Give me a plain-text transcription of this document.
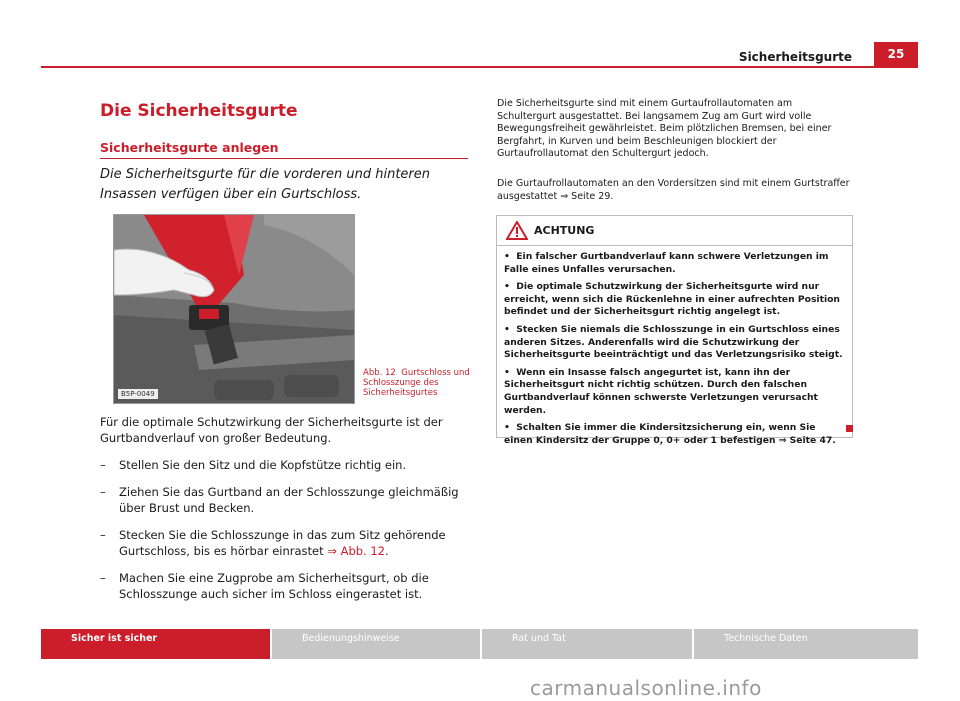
Sicherheitsgurte	25
Die Sicherheitsgurte
Sicherheitsgurte anlegen
Die Sicherheitsgurte für die vorderen und hinteren Insassen verfügen über ein Gurtschloss.
B5P-0049
Abb. 12 Gurtschloss und Schlosszunge des Sicherheitsgurtes
Für die optimale Schutzwirkung der Sicherheitsgurte ist der Gurtbandverlauf von großer Bedeutung.
– Stellen Sie den Sitz und die Kopfstütze richtig ein.
– Ziehen Sie das Gurtband an der Schlosszunge gleichmäßig über Brust und Becken.
– Stecken Sie die Schlosszunge in das zum Sitz gehörende Gurtschloss, bis es hörbar einrastet ⇒ Abb. 12.
– Machen Sie eine Zugprobe am Sicherheitsgurt, ob die Schlosszunge auch sicher im Schloss eingerastet ist.
Die Sicherheitsgurte sind mit einem Gurtaufrollautomaten am Schultergurt ausgestattet. Bei langsamem Zug am Gurt wird volle Bewegungsfreiheit gewährleistet. Beim plötzlichen Bremsen, bei einer Bergfahrt, in Kurven und beim Beschleunigen blockiert der Gurtaufrollautomat den Schultergurt jedoch.
Die Gurtaufrollautomaten an den Vordersitzen sind mit einem Gurtstraffer ausgestattet ⇒ Seite 29.
ACHTUNG
• Ein falscher Gurtbandverlauf kann schwere Verletzungen im Falle eines Unfalles verursachen.
• Die optimale Schutzwirkung der Sicherheitsgurte wird nur erreicht, wenn sich die Rückenlehne in einer aufrechten Position befindet und der Sicherheitsgurt richtig angelegt ist.
• Stecken Sie niemals die Schlosszunge in ein Gurtschloss eines anderen Sitzes. Anderenfalls wird die Schutzwirkung der Sicherheitsgurte beeinträchtigt und das Verletzungsrisiko steigt.
• Wenn ein Insasse falsch angegurtet ist, kann ihn der Sicherheitsgurt nicht richtig schützen. Durch den falschen Gurtbandverlauf können schwerste Verletzungen verursacht werden.
• Schalten Sie immer die Kindersitzsicherung ein, wenn Sie einen Kindersitz der Gruppe 0, 0+ oder 1 befestigen ⇒ Seite 47.
Sicher ist sicher	Bedienungshinweise	Rat und Tat	Technische Daten
carmanualsonline.info
